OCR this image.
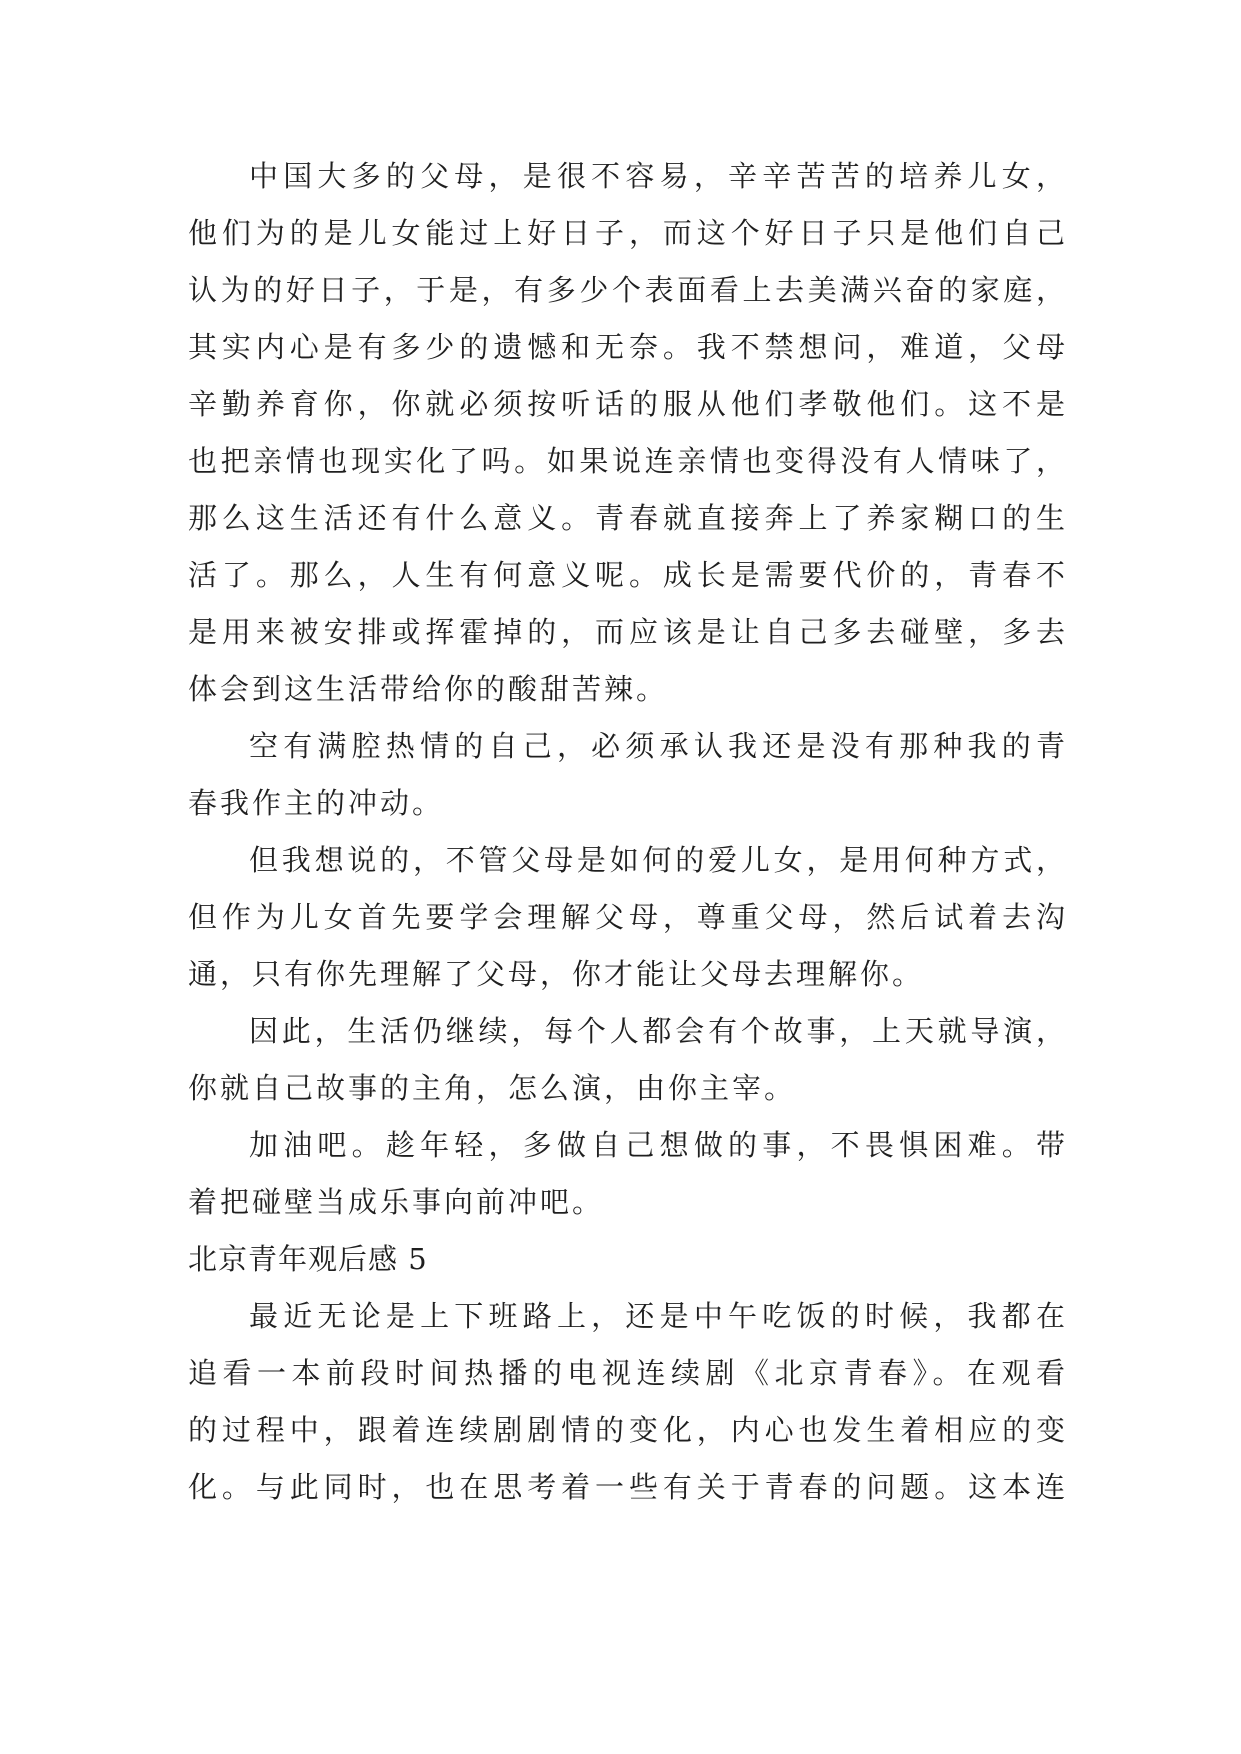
中国大多的父母，是很不容易，辛辛苦苦的培养儿女，
他们为的是儿女能过上好日子，而这个好日子只是他们自己
认为的好日子，于是，有多少个表面看上去美满兴奋的家庭，
其实内心是有多少的遗憾和无奈。我不禁想问，难道，父母
辛勤养育你，你就必须按听话的服从他们孝敬他们。这不是
也把亲情也现实化了吗。如果说连亲情也变得没有人情味了，
那么这生活还有什么意义。青春就直接奔上了养家糊口的生
活了。那么，人生有何意义呢。成长是需要代价的，青春不
是用来被安排或挥霍掉的，而应该是让自己多去碰壁，多去
体会到这生活带给你的酸甜苦辣。
空有满腔热情的自己，必须承认我还是没有那种我的青
春我作主的冲动。
但我想说的，不管父母是如何的爱儿女，是用何种方式，
但作为儿女首先要学会理解父母，尊重父母，然后试着去沟
通，只有你先理解了父母，你才能让父母去理解你。
因此，生活仍继续，每个人都会有个故事，上天就导演，
你就自己故事的主角，怎么演，由你主宰。
加油吧。趁年轻，多做自己想做的事，不畏惧困难。带
着把碰壁当成乐事向前冲吧。
北京青年观后感 5
最近无论是上下班路上，还是中午吃饭的时候，我都在
追看一本前段时间热播的电视连续剧《北京青春》。在观看
的过程中，跟着连续剧剧情的变化，内心也发生着相应的变
化。与此同时，也在思考着一些有关于青春的问题。这本连
